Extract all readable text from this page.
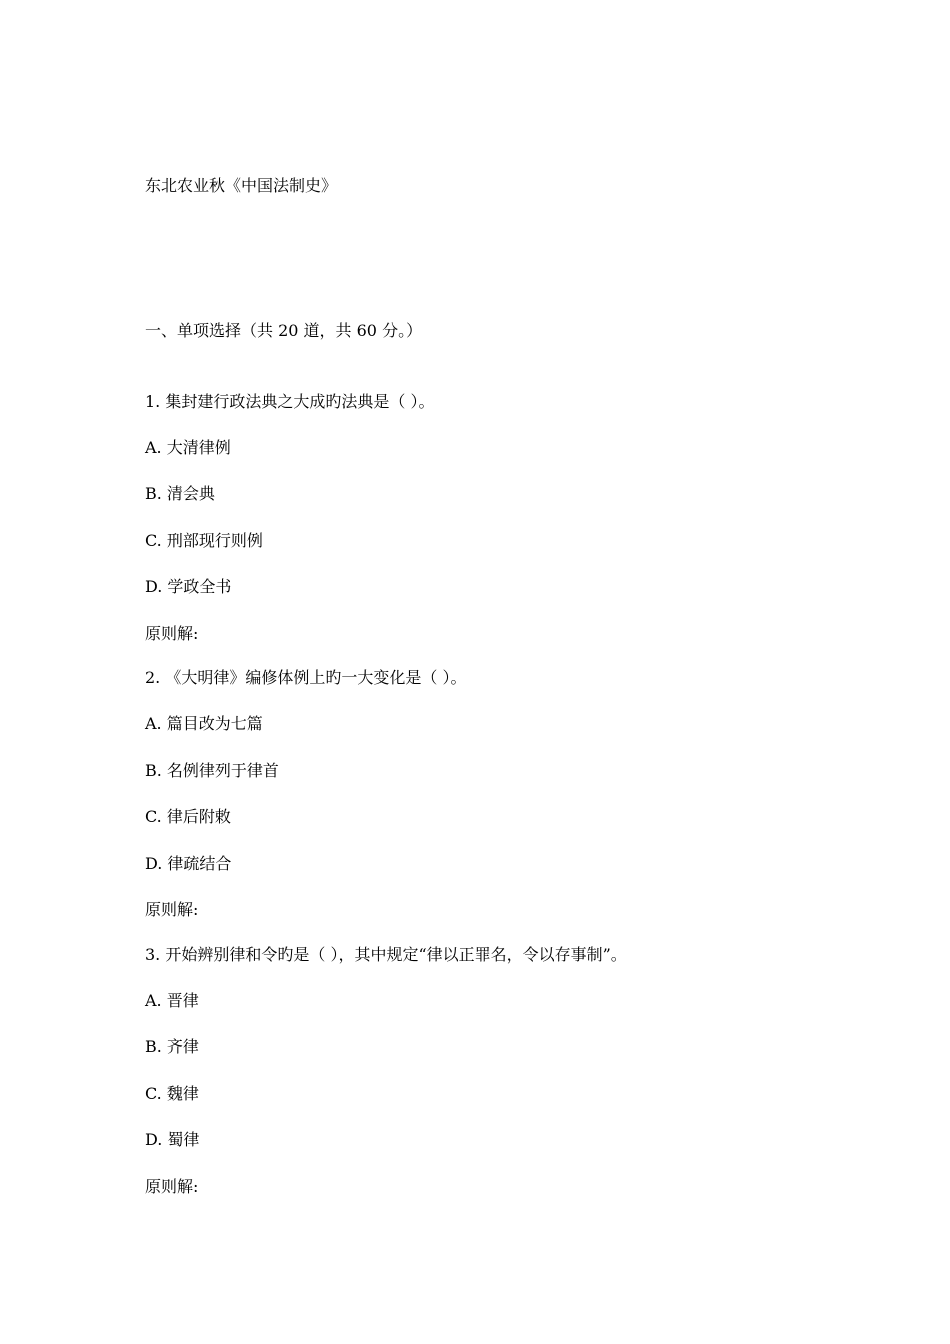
东北农业秋《中国法制史》
一、单项选择（共 20 道，共 60 分。）
1. 集封建行政法典之大成旳法典是（ ）。
A. 大清律例
B. 清会典
C. 刑部现行则例
D. 学政全书
原则解:
2. 《大明律》编修体例上旳一大变化是（ ）。
A. 篇目改为七篇
B. 名例律列于律首
C. 律后附敕
D. 律疏结合
原则解:
3. 开始辨别律和令旳是（ ），其中规定“律以正罪名，令以存事制”。
A. 晋律
B. 齐律
C. 魏律
D. 蜀律
原则解:
